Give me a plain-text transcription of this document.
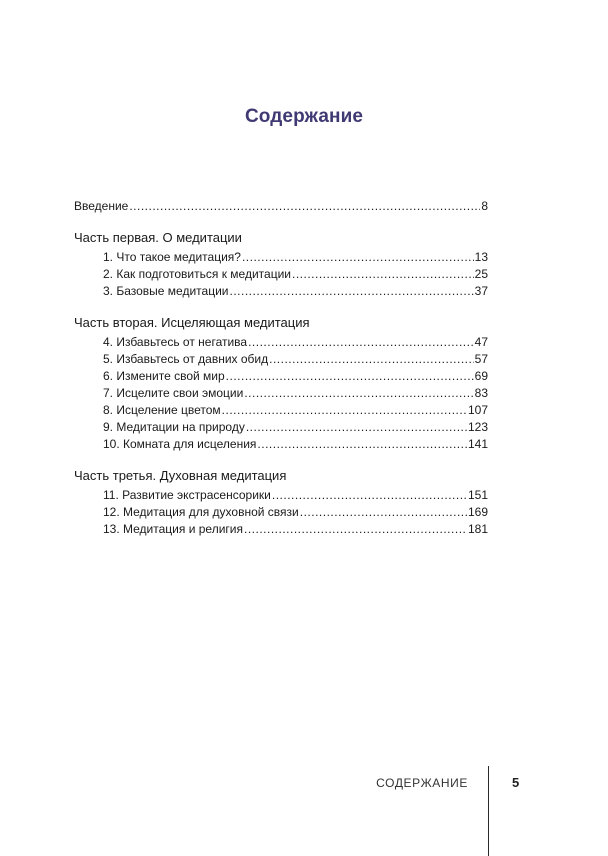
Содержание
Введение .....	8
Часть первая. О медитации
1. Что такое медитация? .....	13
2. Как подготовиться к медитации .....	25
3. Базовые медитации .....	37
Часть вторая. Исцеляющая медитация
4. Избавьтесь от негатива .....	47
5. Избавьтесь от давних обид .....	57
6. Измените свой мир .....	69
7. Исцелите свои эмоции .....	83
8. Исцеление цветом .....	107
9. Медитации на природу .....	123
10. Комната для исцеления .....	141
Часть третья. Духовная медитация
11. Развитие экстрасенсорики .....	151
12. Медитация для духовной связи .....	169
13. Медитация и религия .....	181
СОДЕРЖАНИЕ	5
